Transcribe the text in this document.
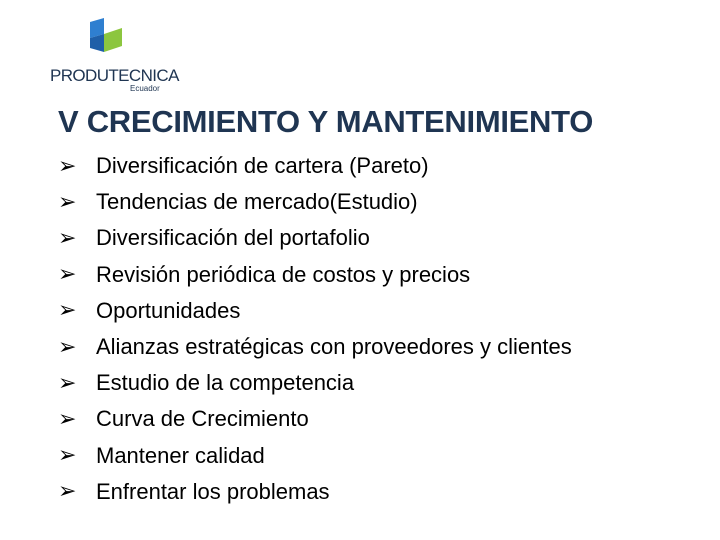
PRODUTECNICA
Ecuador
V CRECIMIENTO Y MANTENIMIENTO
➢ Diversificación de cartera (Pareto)
➢ Tendencias de mercado(Estudio)
➢ Diversificación del portafolio
➢ Revisión periódica de costos y precios
➢ Oportunidades
➢ Alianzas estratégicas con proveedores y clientes
➢ Estudio de la competencia
➢ Curva de Crecimiento
➢ Mantener calidad
➢ Enfrentar los problemas
